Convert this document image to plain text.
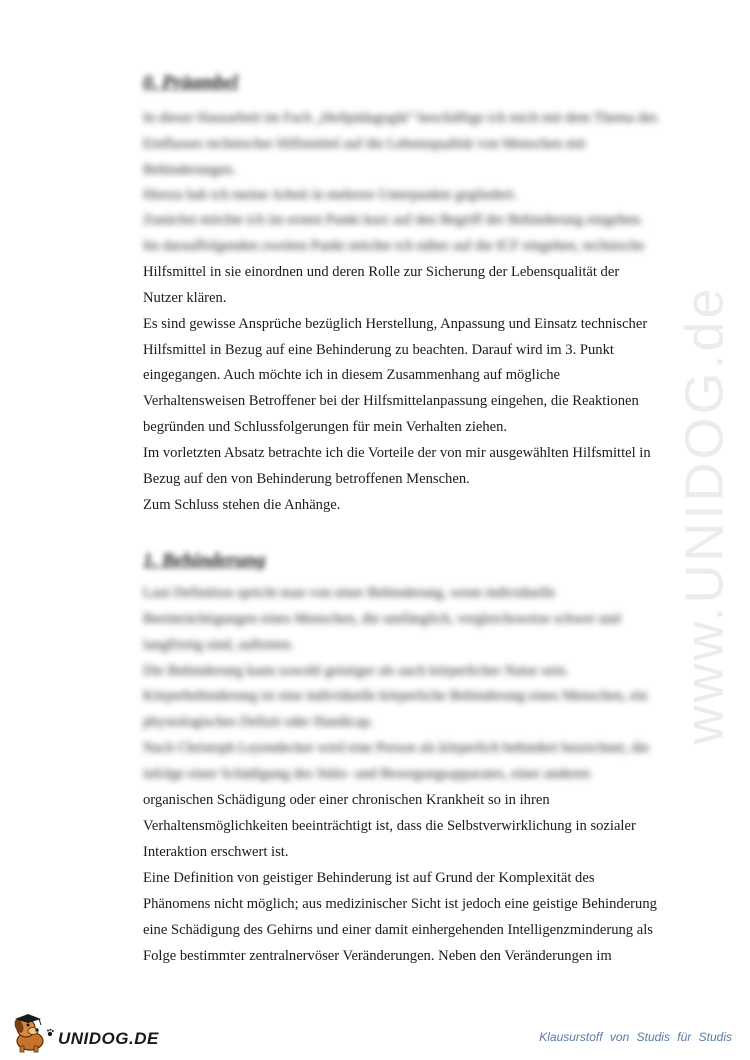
www.UNIDOG.de
0. Präambel

In dieser Hausarbeit im Fach „Heilpädagogik“ beschäftige ich mich mit dem Thema des

Einflusses technischer Hilfsmittel auf die Lebensqualität von Menschen mit

Behinderungen.

Hierzu hab ich meine Arbeit in mehrere Unterpunkte gegliedert.

Zunächst möchte ich im ersten Punkt kurz auf den Begriff der Behinderung eingehen.

Im darauffolgenden zweiten Punkt möchte ich näher auf die ICF eingehen, technische

Hilfsmittel in sie einordnen und deren Rolle zur Sicherung der Lebensqualität der

Nutzer klären.

Es sind gewisse Ansprüche bezüglich Herstellung, Anpassung und Einsatz technischer

Hilfsmittel in Bezug auf eine Behinderung zu beachten. Darauf wird im 3. Punkt

eingegangen. Auch möchte ich in diesem Zusammenhang auf mögliche

Verhaltensweisen Betroffener bei der Hilfsmittelanpassung eingehen, die Reaktionen

begründen und Schlussfolgerungen für mein Verhalten ziehen.

Im vorletzten Absatz betrachte ich die Vorteile der von mir ausgewählten Hilfsmittel in

Bezug auf den von Behinderung betroffenen Menschen.

Zum Schluss stehen die Anhänge.

1. Behinderung

Laut Definition spricht man von einer Behinderung, wenn individuelle

Beeinträchtigungen eines Menschen, die umfänglich, vergleichsweise schwer und

langfristig sind, auftreten.

Die Behinderung kann sowohl geistiger als auch körperlicher Natur sein.

Körperbehinderung ist eine individuelle körperliche Behinderung eines Menschen, ein

physiologisches Defizit oder Handicap.

Nach Christoph Leyendecker wird eine Person als körperlich behindert bezeichnet, die

infolge einer Schädigung des Stütz- und Bewegungsapparates, einer anderen

organischen Schädigung oder einer chronischen Krankheit so in ihren

Verhaltensmöglichkeiten beeinträchtigt ist, dass die Selbstverwirklichung in sozialer

Interaktion erschwert ist.

Eine Definition von geistiger Behinderung ist auf Grund der Komplexität des

Phänomens nicht möglich; aus medizinischer Sicht ist jedoch eine geistige Behinderung

eine Schädigung des Gehirns und einer damit einhergehenden Intelligenzminderung als

Folge bestimmter zentralnervöser Veränderungen. Neben den Veränderungen im

UNIDOG.DE	Klausurstoff von Studis für Studis
